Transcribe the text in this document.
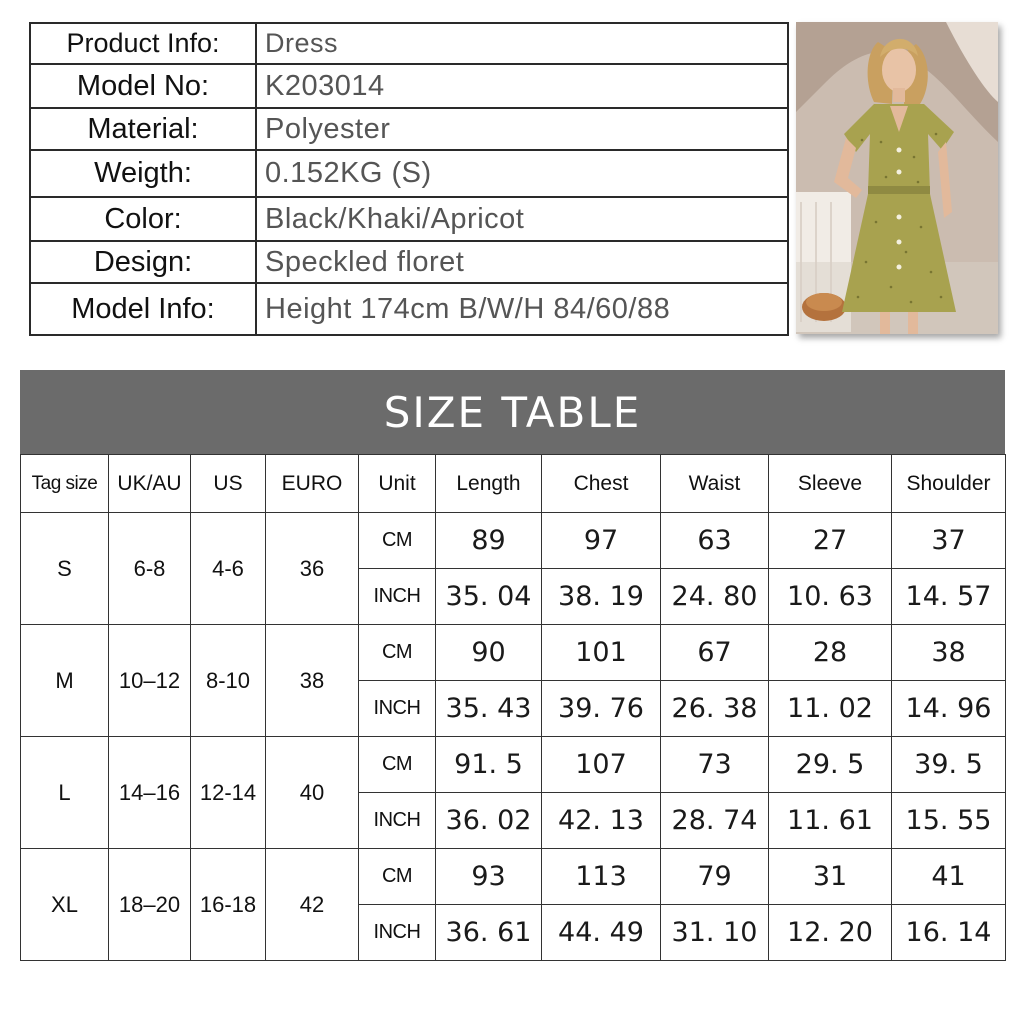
Product Info:	Dress
Model No:	K203014
Material:	Polyester
Weigth:	0.152KG (S)
Color:	Black/Khaki/Apricot
Design:	Speckled floret
Model Info:	Height 174cm B/W/H 84/60/88
SIZE TABLE
Tag size	UK/AU	US	EURO	Unit	Length	Chest	Waist	Sleeve	Shoulder
S	6-8	4-6	36	CM	89	97	63	27	37
				INCH	35. 04	38. 19	24. 80	10. 63	14. 57
M	10–12	8-10	38	CM	90	101	67	28	38
				INCH	35. 43	39. 76	26. 38	11. 02	14. 96
L	14–16	12-14	40	CM	91. 5	107	73	29. 5	39. 5
				INCH	36. 02	42. 13	28. 74	11. 61	15. 55
XL	18–20	16-18	42	CM	93	113	79	31	41
				INCH	36. 61	44. 49	31. 10	12. 20	16. 14
